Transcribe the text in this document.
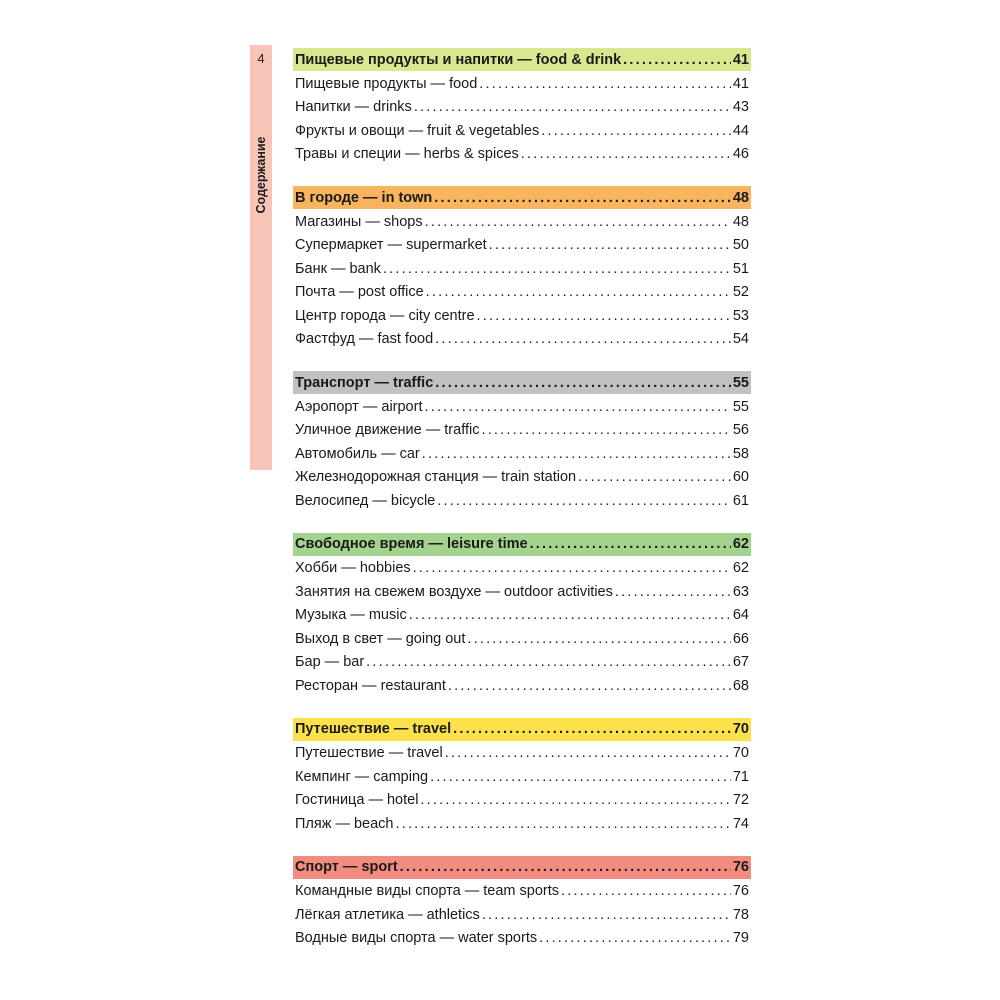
4
Содержание
Пищевые продукты и напитки — food & drink .....	41
Пищевые продукты — food .....	41
Напитки — drinks .....	43
Фрукты и овощи — fruit & vegetables .....	44
Травы и специи — herbs & spices .....	46
В городе — in town .....	48
Магазины — shops .....	48
Супермаркет — supermarket .....	50
Банк — bank .....	51
Почта — post office .....	52
Центр города — city centre .....	53
Фастфуд — fast food .....	54
Транспорт — traffic .....	55
Аэропорт — airport .....	55
Уличное движение — traffic .....	56
Автомобиль — car .....	58
Железнодорожная станция — train station .....	60
Велосипед — bicycle .....	61
Свободное время — leisure time .....	62
Хобби — hobbies .....	62
Занятия на свежем воздухе — outdoor activities .....	63
Музыка — music .....	64
Выход в свет — going out .....	66
Бар — bar .....	67
Ресторан — restaurant .....	68
Путешествие — travel .....	70
Путешествие — travel .....	70
Кемпинг — camping .....	71
Гостиница — hotel .....	72
Пляж — beach .....	74
Спорт — sport .....	76
Командные виды спорта — team sports .....	76
Лёгкая атлетика — athletics .....	78
Водные виды спорта — water sports .....	79
